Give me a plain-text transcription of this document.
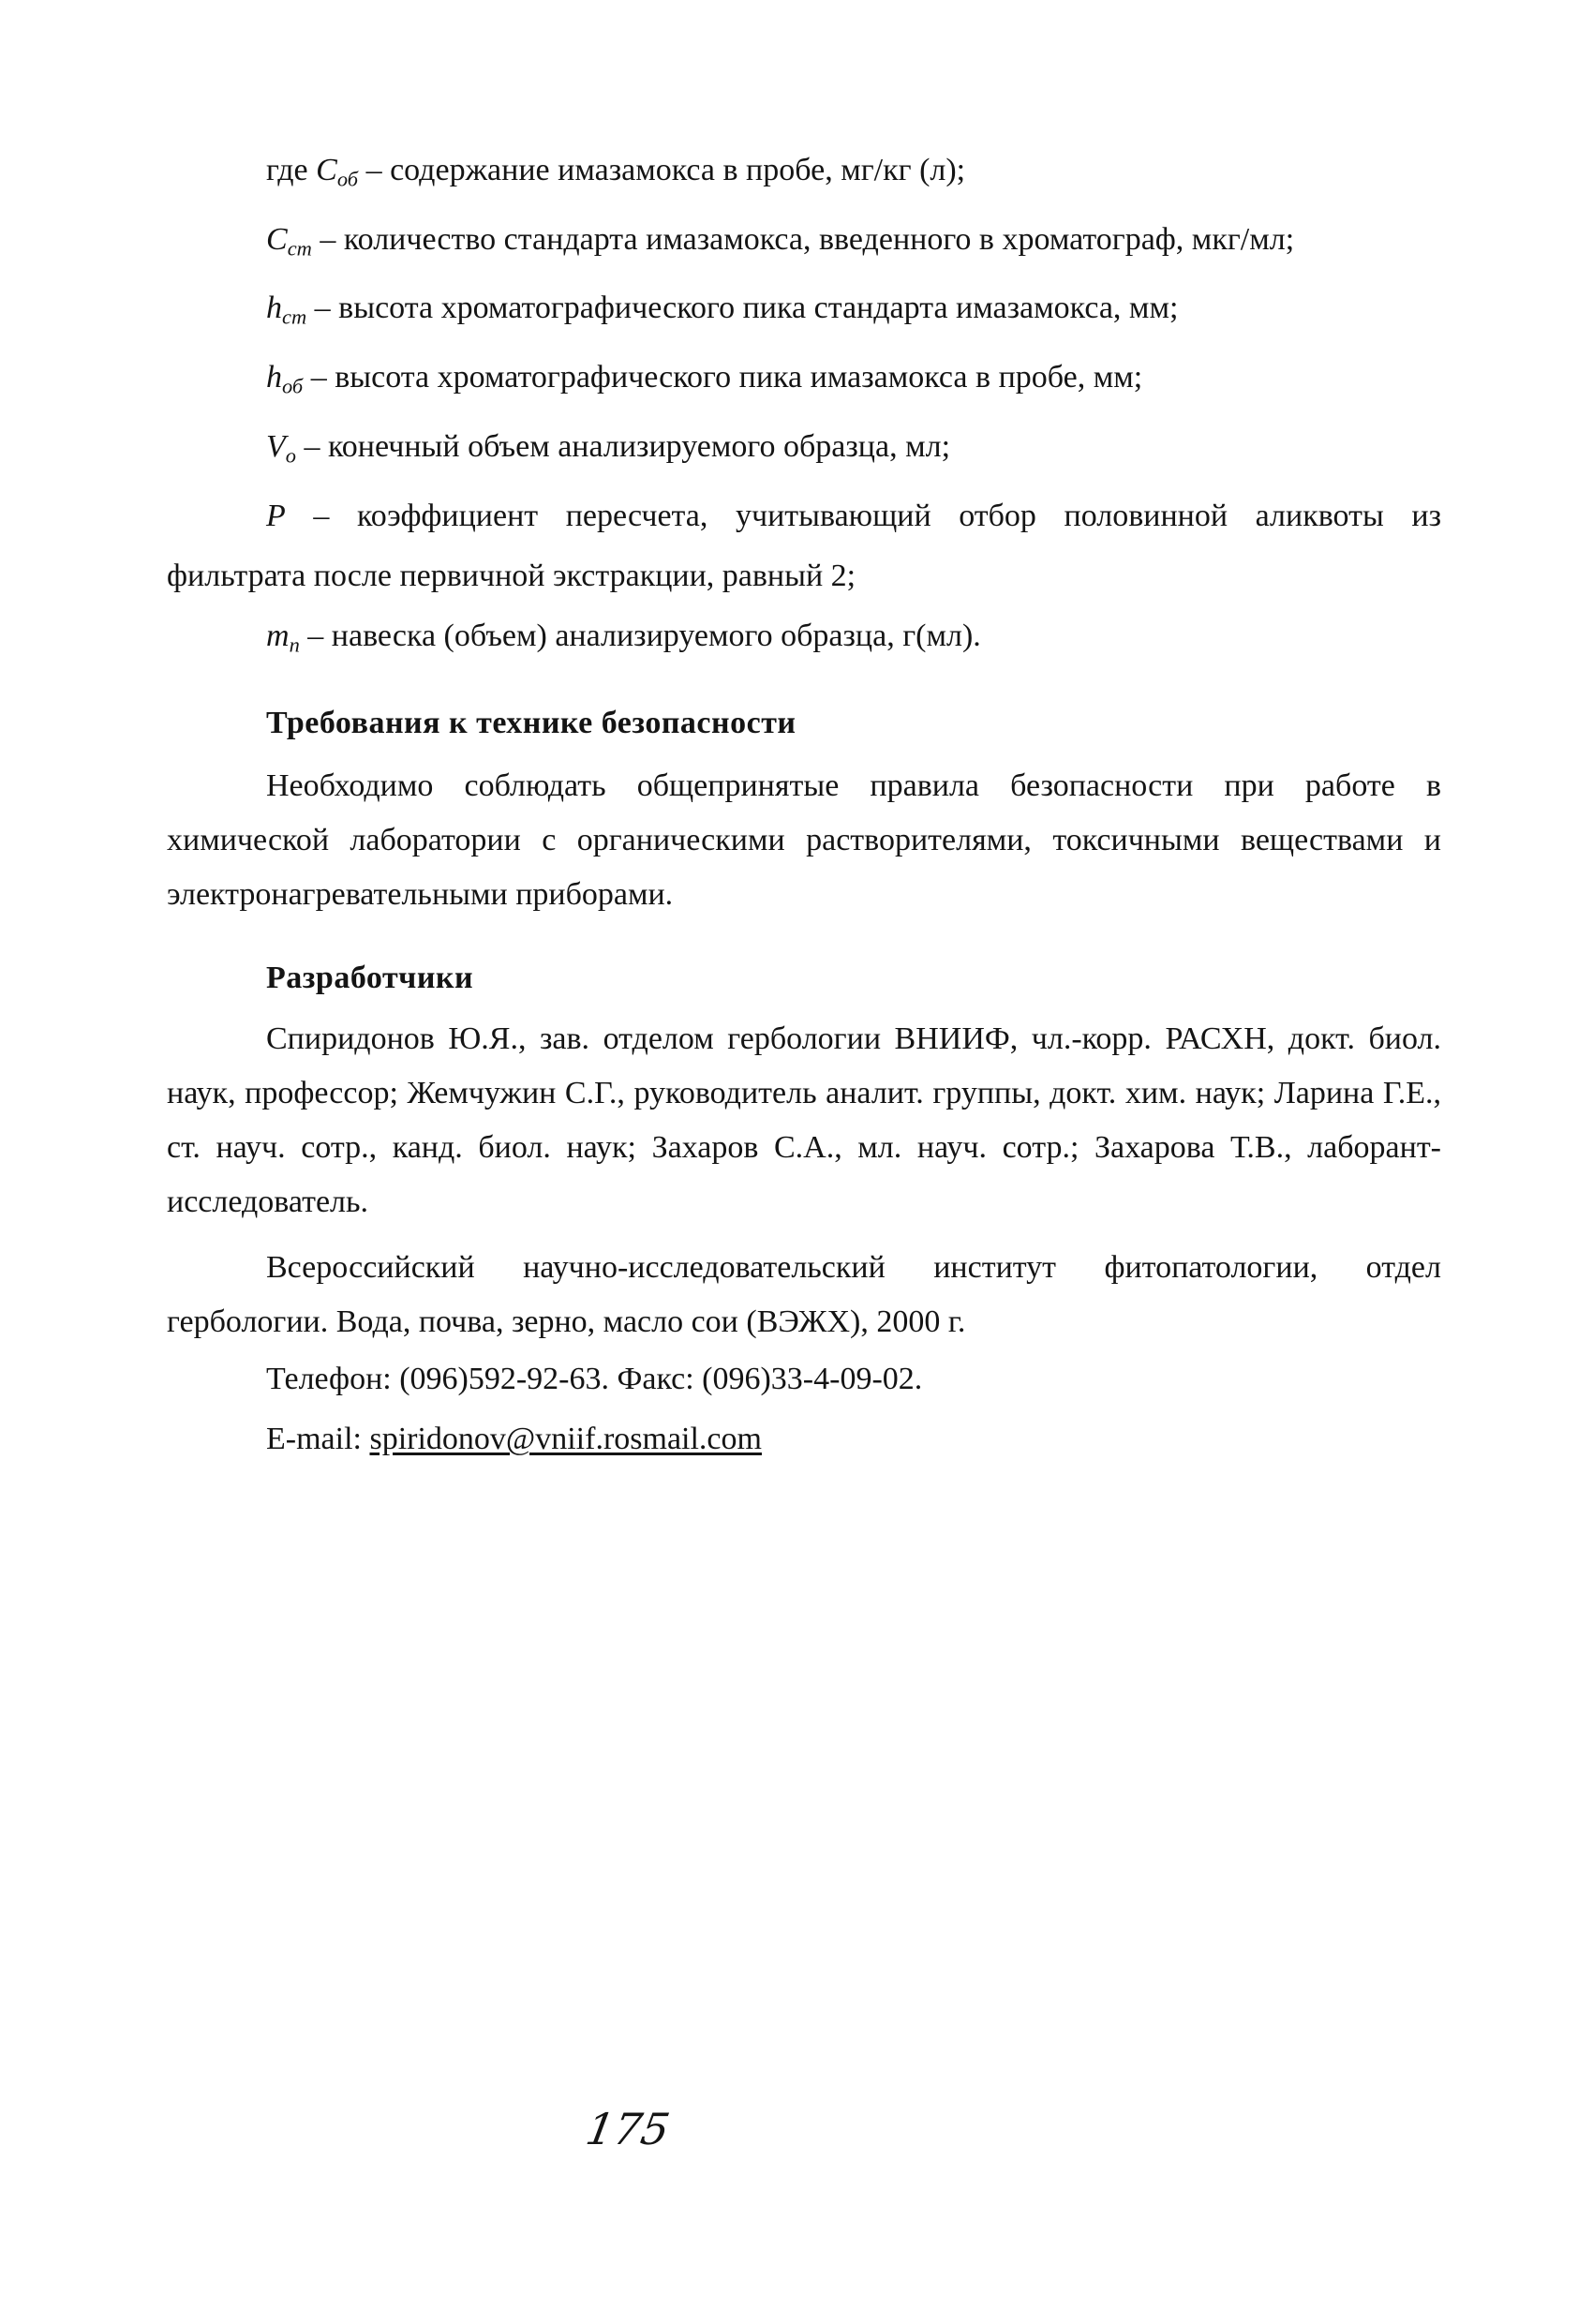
где $C_{об}$ – содержание имазамокса в пробе, мг/кг (л);
$C_{ст}$ – количество стандарта имазамокса, введенного в хроматограф, мкг/мл;
$h_{ст}$ – высота хроматографического пика стандарта имазамокса, мм;
$h_{об}$ – высота хроматографического пика имазамокса в пробе, мм;
$V_о$ – конечный объем анализируемого образца, мл;
P – коэффициент пересчета, учитывающий отбор половинной аликвоты из
фильтрата после первичной экстракции, равный 2;
$m_п$ – навеска (объем) анализируемого образца, г(мл).
Требования к технике безопасности

Необходимо соблюдать общепринятые правила безопасности при работе в химической лаборатории с органическими растворителями, токсичными веществами и электронагревательными приборами.

Разработчики

Спиридонов Ю.Я., зав. отделом гербологии ВНИИФ, чл.-корр. РАСХН, докт. биол. наук, профессор; Жемчужин С.Г., руководитель аналит. группы, докт. хим. наук; Ларина Г.Е., ст. науч. сотр., канд. биол. наук; Захаров С.А., мл. науч. сотр.; Захарова Т.В., лаборант-исследователь.

Всероссийский научно-исследовательский институт фитопатологии, отдел гербологии. Вода, почва, зерно, масло сои (ВЭЖХ), 2000 г.

Телефон: (096)592-92-63. Факс: (096)33-4-09-02.
E-mail: spiridonov@vniif.rosmail.com
175
